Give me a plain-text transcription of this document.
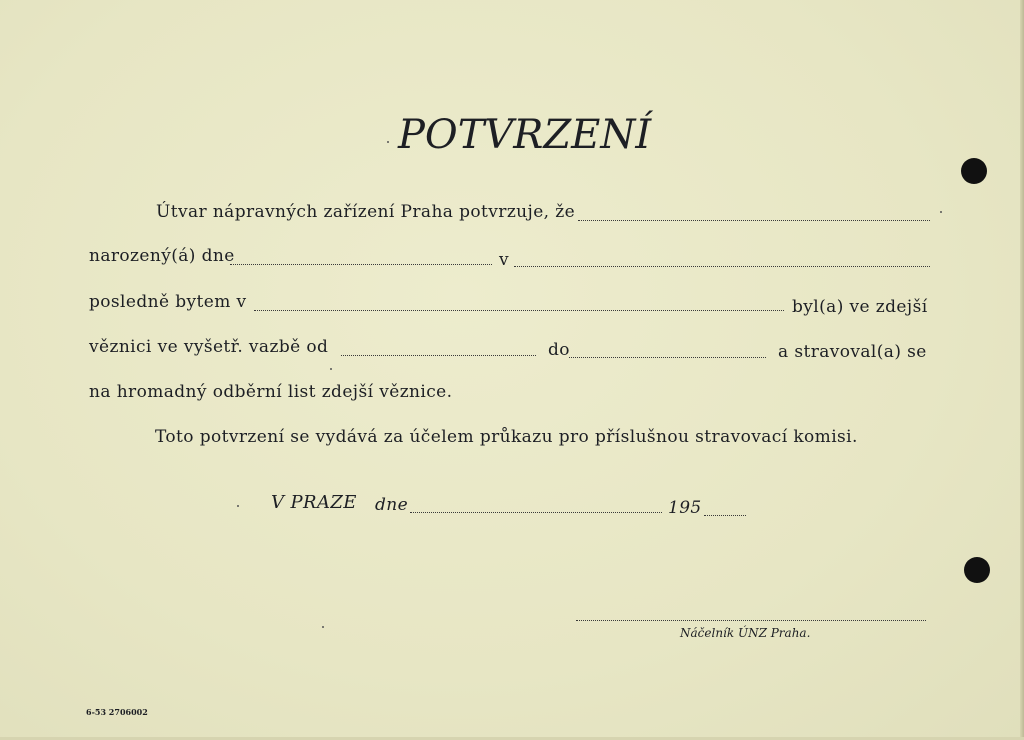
POTVRZENÍ
Útvar nápravných zařízení Praha potvrzuje, že
narozený(á) dne	v
posledně bytem v	byl(a) ve zdejší
věznici ve vyšetř. vazbě od	do	a stravoval(a) se
na hromadný odběrní list zdejší věznice.
Toto potvrzení se vydává za účelem průkazu pro příslušnou stravovací komisi.
V PRAZE dne	195
Náčelník ÚNZ Praha.
6-53 2706002
